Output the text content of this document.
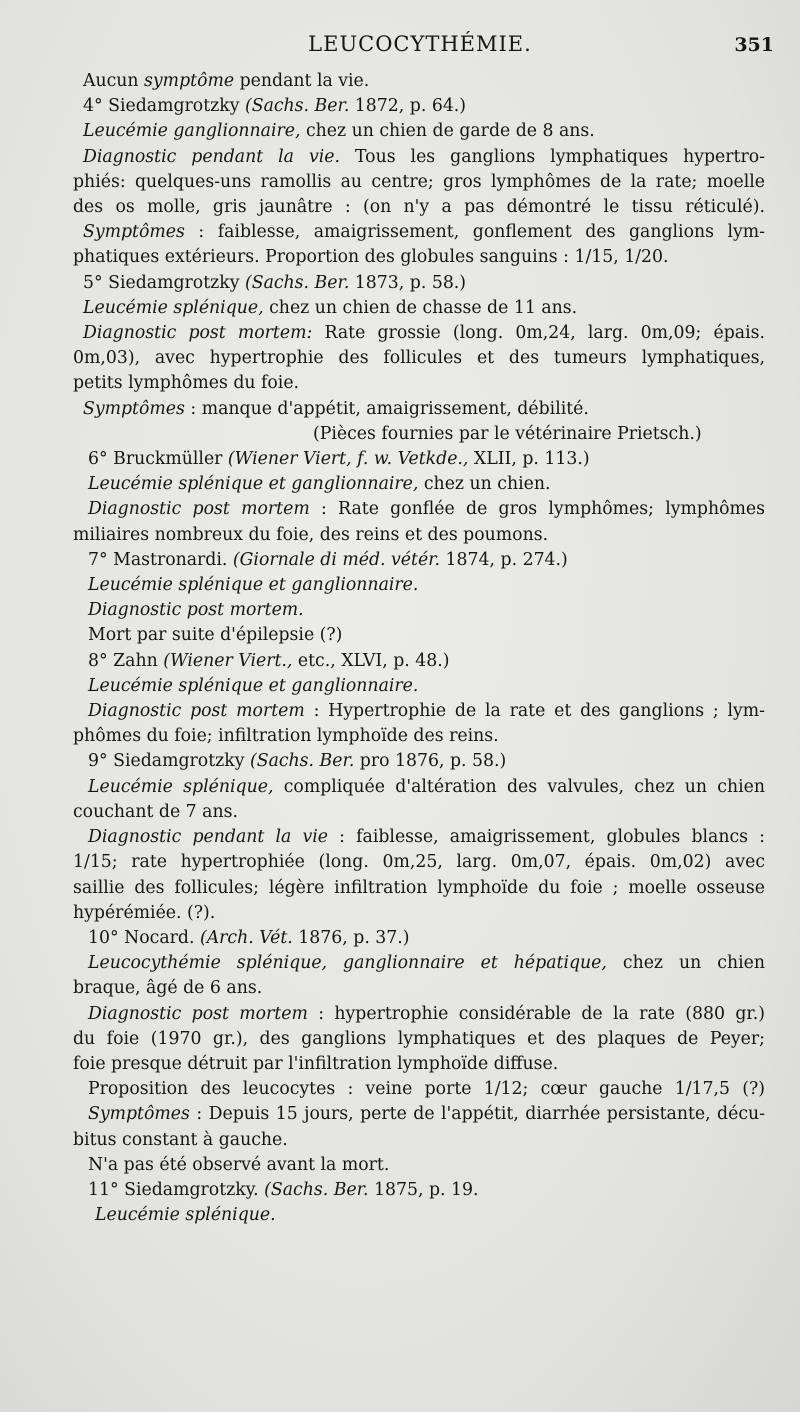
LEUCOCYTHÉMIE.	351
Aucun symptôme pendant la vie.
4° Siedamgrotzky (Sachs. Ber. 1872, p. 64.)
Leucémie ganglionnaire, chez un chien de garde de 8 ans.
Diagnostic pendant la vie. Tous les ganglions lymphatiques hypertro-
phiés: quelques-uns ramollis au centre; gros lymphômes de la rate; moelle
des os molle, gris jaunâtre : (on n'y a pas démontré le tissu réticulé).
Symptômes : faiblesse, amaigrissement, gonflement des ganglions lym-
phatiques extérieurs. Proportion des globules sanguins : 1/15, 1/20.
5° Siedamgrotzky (Sachs. Ber. 1873, p. 58.)
Leucémie splénique, chez un chien de chasse de 11 ans.
Diagnostic post mortem: Rate grossie (long. 0m,24, larg. 0m,09; épais.
0m,03), avec hypertrophie des follicules et des tumeurs lymphatiques,
petits lymphômes du foie.
Symptômes : manque d'appétit, amaigrissement, débilité.
(Pièces fournies par le vétérinaire Prietsch.)
6° Bruckmüller (Wiener Viert, f. w. Vetkde., XLII, p. 113.)
Leucémie splénique et ganglionnaire, chez un chien.
Diagnostic post mortem : Rate gonflée de gros lymphômes; lymphômes
miliaires nombreux du foie, des reins et des poumons.
7° Mastronardi. (Giornale di méd. vétér. 1874, p. 274.)
Leucémie splénique et ganglionnaire.
Diagnostic post mortem.
Mort par suite d'épilepsie (?)
8° Zahn (Wiener Viert., etc., XLVI, p. 48.)
Leucémie splénique et ganglionnaire.
Diagnostic post mortem : Hypertrophie de la rate et des ganglions ; lym-
phômes du foie; infiltration lymphoïde des reins.
9° Siedamgrotzky (Sachs. Ber. pro 1876, p. 58.)
Leucémie splénique, compliquée d'altération des valvules, chez un chien
couchant de 7 ans.
Diagnostic pendant la vie : faiblesse, amaigrissement, globules blancs :
1/15; rate hypertrophiée (long. 0m,25, larg. 0m,07, épais. 0m,02) avec
saillie des follicules; légère infiltration lymphoïde du foie ; moelle osseuse
hypérémiée. (?).
10° Nocard. (Arch. Vét. 1876, p. 37.)
Leucocythémie splénique, ganglionnaire et hépatique, chez un chien
braque, âgé de 6 ans.
Diagnostic post mortem : hypertrophie considérable de la rate (880 gr.)
du foie (1970 gr.), des ganglions lymphatiques et des plaques de Peyer;
foie presque détruit par l'infiltration lymphoïde diffuse.
Proposition des leucocytes : veine porte 1/12; cœur gauche 1/17,5 (?)
Symptômes : Depuis 15 jours, perte de l'appétit, diarrhée persistante, décu-
bitus constant à gauche.
N'a pas été observé avant la mort.
11° Siedamgrotzky. (Sachs. Ber. 1875, p. 19.
Leucémie splénique.
